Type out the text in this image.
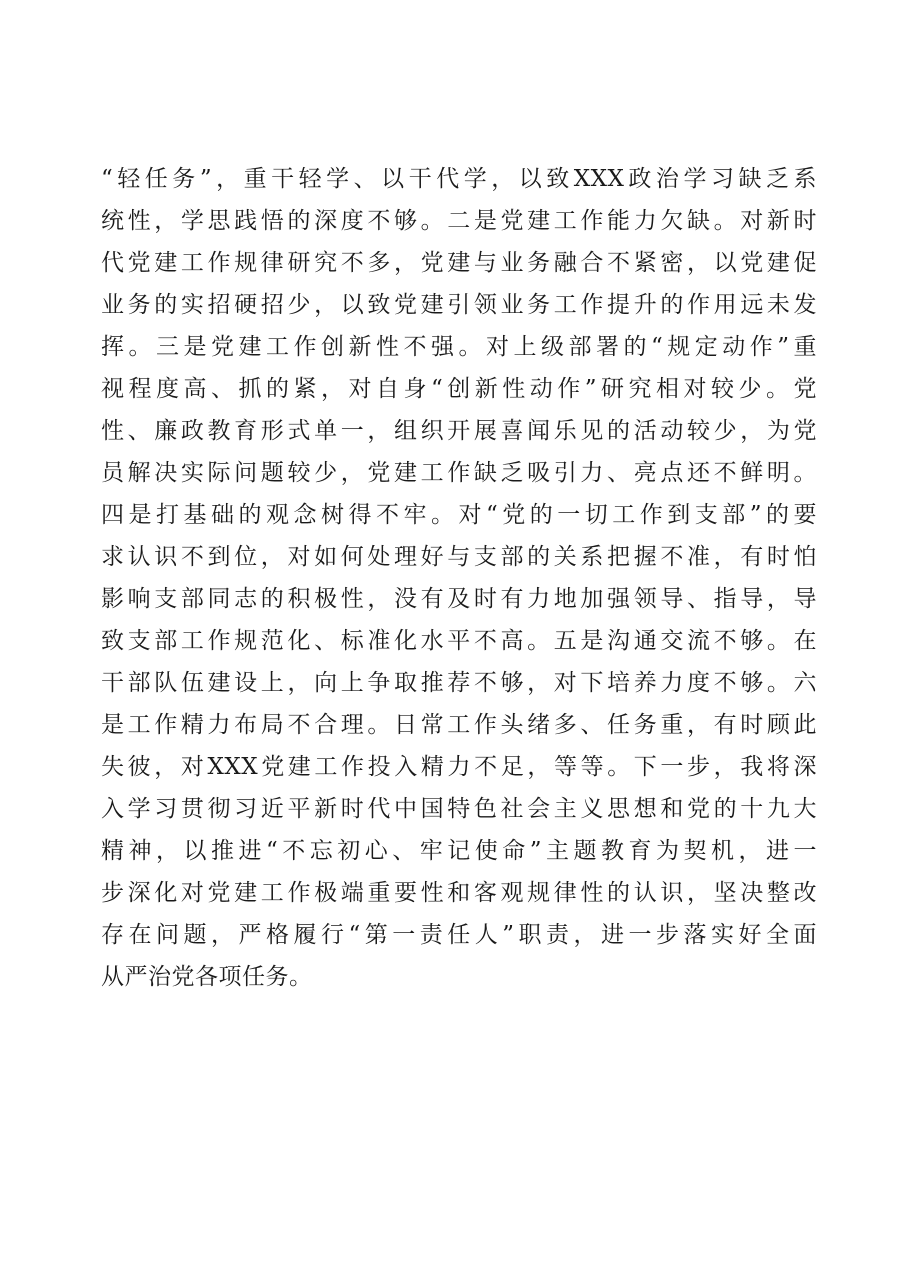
“轻任务”，重干轻学、以干代学，以致XXX政治学习缺乏系
统性，学思践悟的深度不够。二是党建工作能力欠缺。对新时
代党建工作规律研究不多，党建与业务融合不紧密，以党建促
业务的实招硬招少，以致党建引领业务工作提升的作用远未发
挥。三是党建工作创新性不强。对上级部署的“规定动作”重
视程度高、抓的紧，对自身“创新性动作”研究相对较少。党
性、廉政教育形式单一，组织开展喜闻乐见的活动较少，为党
员解决实际问题较少，党建工作缺乏吸引力、亮点还不鲜明。
四是打基础的观念树得不牢。对“党的一切工作到支部”的要
求认识不到位，对如何处理好与支部的关系把握不准，有时怕
影响支部同志的积极性，没有及时有力地加强领导、指导，导
致支部工作规范化、标准化水平不高。五是沟通交流不够。在
干部队伍建设上，向上争取推荐不够，对下培养力度不够。六
是工作精力布局不合理。日常工作头绪多、任务重，有时顾此
失彼，对XXX党建工作投入精力不足，等等。下一步，我将深
入学习贯彻习近平新时代中国特色社会主义思想和党的十九大
精神，以推进“不忘初心、牢记使命”主题教育为契机，进一
步深化对党建工作极端重要性和客观规律性的认识，坚决整改
存在问题，严格履行“第一责任人”职责，进一步落实好全面
从严治党各项任务。
